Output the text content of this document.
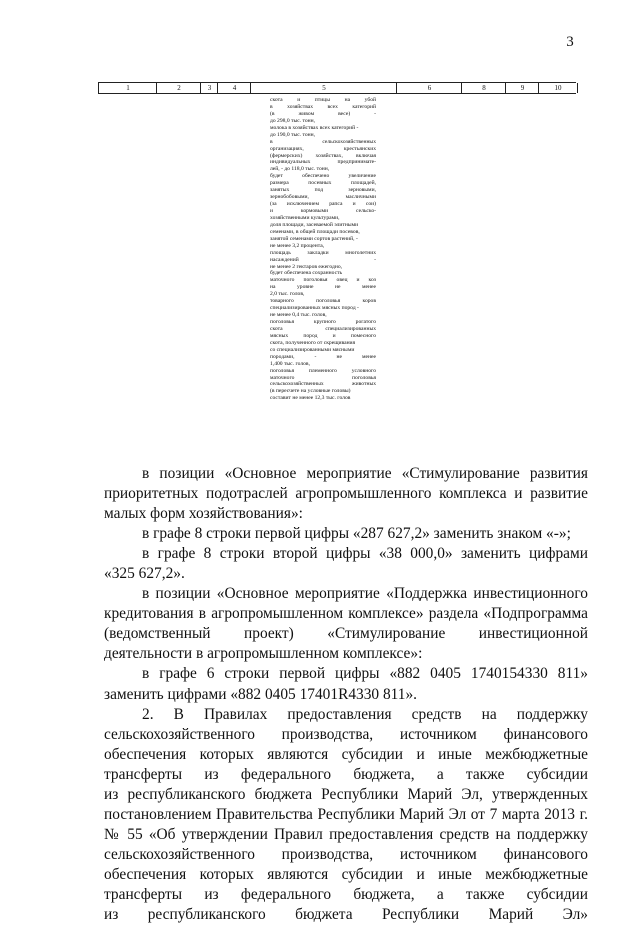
3
1	2	3	4	5	6	8	9	10
скота и птицы на убой
в хозяйствах всех категорий
(в живом весе) -
до 298,0 тыс. тонн,
молока в хозяйствах всех категорий -
до 190,0 тыс. тонн,
в сельскохозяйственных
организациях, крестьянских
(фермерских) хозяйствах, включая
индивидуальных предпринимате-
лей, - до 118,0 тыс. тонн,
будет обеспечено увеличение
размера посевных площадей,
занятых под зерновыми,
зернобобовыми, масличными
(за исключением рапса и сои)
и кормовыми сельско-
хозяйственными культурами,
доля площади, засеваемой элитными
семенами, в общей площади посевов,
занятой семенами сортов растений, -
не менее 3,2 процента,
площадь закладки многолетних
насаждений -
не менее 2 гектаров ежегодно,
будет обеспечена сохранность
маточного поголовья овец и коз
на уровне не менее
2,0 тыс. голов,
товарного поголовья коров
специализированных мясных пород -
не менее 0,4 тыс. голов,
поголовья крупного рогатого
скота специализированных
мясных пород и помесного
скота, полученного от скрещивания
со специализированными мясными
породами, - не менее
1,400 тыс. голов,
поголовья племенного условного
маточного поголовья
сельскохозяйственных животных
(в пересчете на условные головы)
составит не менее 12,3 тыс. голов
в позиции «Основное мероприятие «Стимулирование развития
приоритетных подотраслей агропромышленного комплекса и развитие
малых форм хозяйствования»:
в графе 8 строки первой цифры «287 627,2» заменить знаком «-»;
в графе 8 строки второй цифры «38 000,0» заменить цифрами
«325 627,2».
в позиции «Основное мероприятие «Поддержка инвестиционного
кредитования в агропромышленном комплексе» раздела «Подпрограмма
(ведомственный проект) «Стимулирование инвестиционной
деятельности в агропромышленном комплексе»:
в графе 6 строки первой цифры «882 0405 1740154330 811»
заменить цифрами «882 0405 17401R4330 811».
2. В Правилах предоставления средств на поддержку
сельскохозяйственного производства, источником финансового
обеспечения которых являются субсидии и иные межбюджетные
трансферты из федерального бюджета, а также субсидии
из республиканского бюджета Республики Марий Эл, утвержденных
постановлением Правительства Республики Марий Эл от 7 марта 2013 г.
№ 55 «Об утверждении Правил предоставления средств на поддержку
сельскохозяйственного производства, источником финансового
обеспечения которых являются субсидии и иные межбюджетные
трансферты из федерального бюджета, а также субсидии
из республиканского бюджета Республики Марий Эл»
